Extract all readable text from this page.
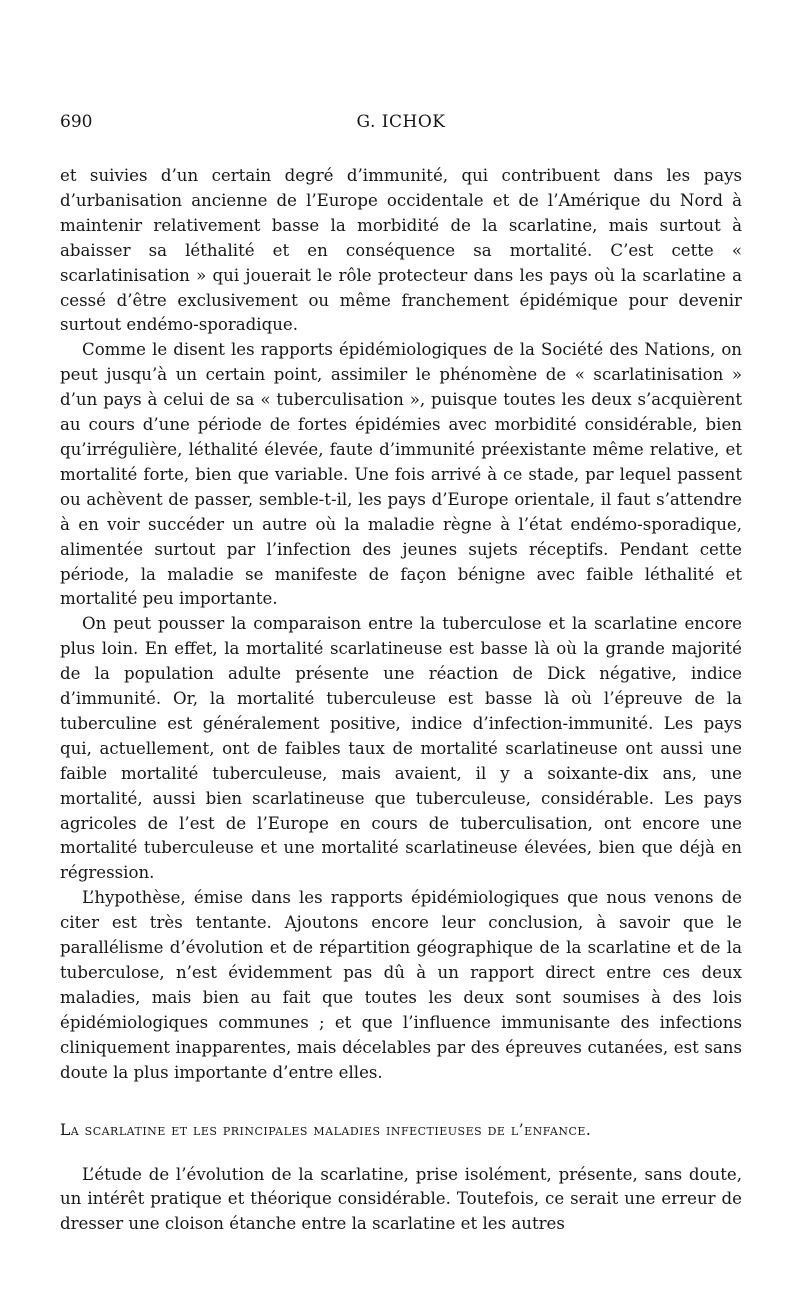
690	G. ICHOK

et suivies d’un certain degré d’immunité, qui contribuent dans les pays d’urbanisation ancienne de l’Europe occidentale et de l’Amérique du Nord à maintenir relativement basse la morbidité de la scarlatine, mais surtout à abaisser sa léthalité et en conséquence sa mortalité. C’est cette « scarlatinisation » qui jouerait le rôle protecteur dans les pays où la scarlatine a cessé d’être exclusivement ou même franchement épidémique pour devenir surtout endémo-sporadique.

Comme le disent les rapports épidémiologiques de la Société des Nations, on peut jusqu’à un certain point, assimiler le phénomène de « scarlatinisation » d’un pays à celui de sa « tuberculisation », puisque toutes les deux s’acquièrent au cours d’une période de fortes épidémies avec morbidité considérable, bien qu’irrégulière, léthalité élevée, faute d’immunité préexistante même relative, et mortalité forte, bien que variable. Une fois arrivé à ce stade, par lequel passent ou achèvent de passer, semble-t-il, les pays d’Europe orientale, il faut s’attendre à en voir succéder un autre où la maladie règne à l’état endémo-sporadique, alimentée surtout par l’infection des jeunes sujets réceptifs. Pendant cette période, la maladie se manifeste de façon bénigne avec faible léthalité et mortalité peu importante.

On peut pousser la comparaison entre la tuberculose et la scarlatine encore plus loin. En effet, la mortalité scarlatineuse est basse là où la grande majorité de la population adulte présente une réaction de Dick négative, indice d’immunité. Or, la mortalité tuberculeuse est basse là où l’épreuve de la tuberculine est généralement positive, indice d’infection-immunité. Les pays qui, actuellement, ont de faibles taux de mortalité scarlatineuse ont aussi une faible mortalité tuberculeuse, mais avaient, il y a soixante-dix ans, une mortalité, aussi bien scarlatineuse que tuberculeuse, considérable. Les pays agricoles de l’est de l’Europe en cours de tuberculisation, ont encore une mortalité tuberculeuse et une mortalité scarlatineuse élevées, bien que déjà en régression.

L’hypothèse, émise dans les rapports épidémiologiques que nous venons de citer est très tentante. Ajoutons encore leur conclusion, à savoir que le parallélisme d’évolution et de répartition géographique de la scarlatine et de la tuberculose, n’est évidemment pas dû à un rapport direct entre ces deux maladies, mais bien au fait que toutes les deux sont soumises à des lois épidémiologiques communes ; et que l’influence immunisante des infections cliniquement inapparentes, mais décelables par des épreuves cutanées, est sans doute la plus importante d’entre elles.

La scarlatine et les principales maladies infectieuses de l’enfance.

L’étude de l’évolution de la scarlatine, prise isolément, présente, sans doute, un intérêt pratique et théorique considérable. Toutefois, ce serait une erreur de dresser une cloison étanche entre la scarlatine et les autres
